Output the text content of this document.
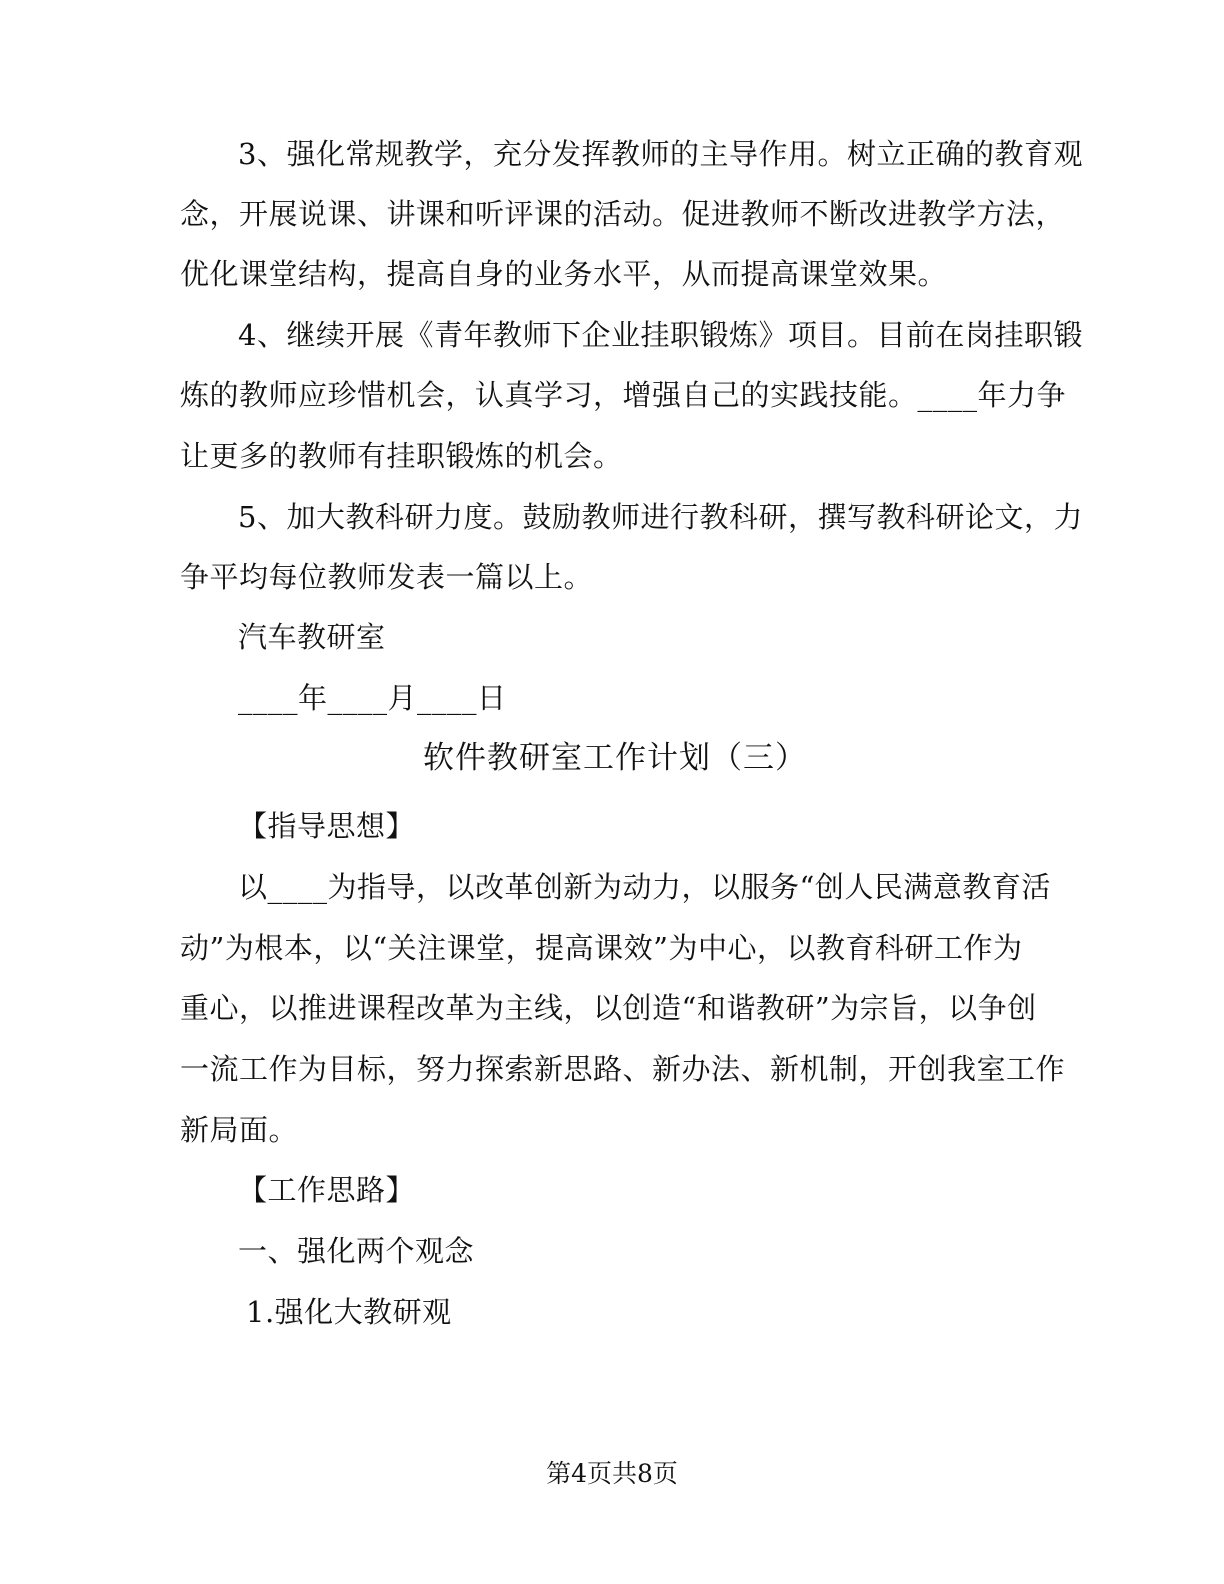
3、强化常规教学，充分发挥教师的主导作用。树立正确的教育观
念，开展说课、讲课和听评课的活动。促进教师不断改进教学方法，
优化课堂结构，提高自身的业务水平，从而提高课堂效果。
4、继续开展《青年教师下企业挂职锻炼》项目。目前在岗挂职锻
炼的教师应珍惜机会，认真学习，增强自己的实践技能。____年力争
让更多的教师有挂职锻炼的机会。
5、加大教科研力度。鼓励教师进行教科研，撰写教科研论文，力
争平均每位教师发表一篇以上。
汽车教研室
____年____月____日
软件教研室工作计划（三）
【指导思想】
以____为指导，以改革创新为动力，以服务“创人民满意教育活
动”为根本，以“关注课堂，提高课效”为中心，以教育科研工作为
重心，以推进课程改革为主线，以创造“和谐教研”为宗旨，以争创
一流工作为目标，努力探索新思路、新办法、新机制，开创我室工作
新局面。
【工作思路】
一、强化两个观念
1.强化大教研观
第4页共8页
